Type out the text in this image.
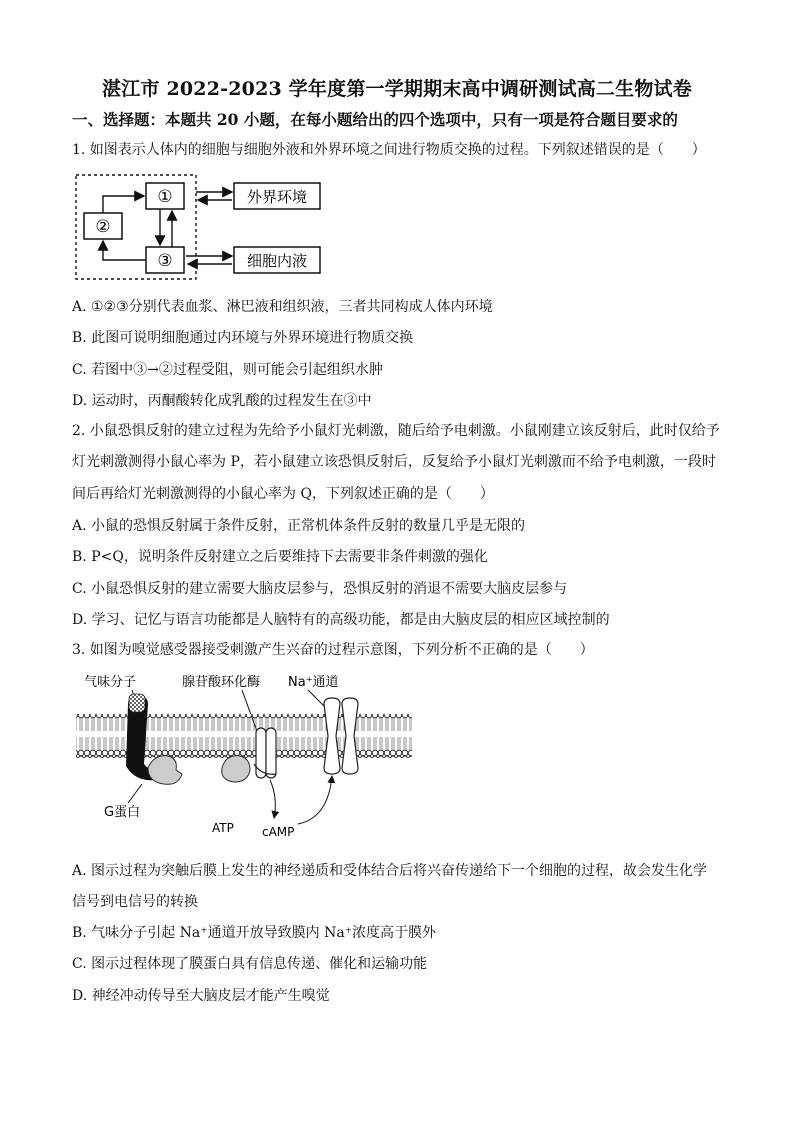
湛江市 2022-2023 学年度第一学期期末高中调研测试高二生物试卷
一、选择题：本题共 20 小题，在每小题给出的四个选项中，只有一项是符合题目要求的
1. 如图表示人体内的细胞与细胞外液和外界环境之间进行物质交换的过程。下列叙述错误的是（　　）
①
②
③
外界环境
细胞内液
A. ①②③分别代表血浆、淋巴液和组织液，三者共同构成人体内环境
B. 此图可说明细胞通过内环境与外界环境进行物质交换
C. 若图中③→②过程受阻，则可能会引起组织水肿
D. 运动时，丙酮酸转化成乳酸的过程发生在③中
2. 小鼠恐惧反射的建立过程为先给予小鼠灯光刺激，随后给予电刺激。小鼠刚建立该反射后，此时仅给予
灯光刺激测得小鼠心率为 P，若小鼠建立该恐惧反射后，反复给予小鼠灯光刺激而不给予电刺激，一段时
间后再给灯光刺激测得的小鼠心率为 Q，下列叙述正确的是（　　）
A. 小鼠的恐惧反射属于条件反射，正常机体条件反射的数量几乎是无限的
B. P<Q，说明条件反射建立之后要维持下去需要非条件刺激的强化
C. 小鼠恐惧反射的建立需要大脑皮层参与，恐惧反射的消退不需要大脑皮层参与
D. 学习、记忆与语言功能都是人脑特有的高级功能，都是由大脑皮层的相应区域控制的
3. 如图为嗅觉感受器接受刺激产生兴奋的过程示意图，下列分析不正确的是（　　）
气味分子	腺苷酸环化酶 Na⁺通道
G蛋白
ATP cAMP
A. 图示过程为突触后膜上发生的神经递质和受体结合后将兴奋传递给下一个细胞的过程，故会发生化学
信号到电信号的转换
B. 气味分子引起 Na⁺通道开放导致膜内 Na⁺浓度高于膜外
C. 图示过程体现了膜蛋白具有信息传递、催化和运输功能
D. 神经冲动传导至大脑皮层才能产生嗅觉
